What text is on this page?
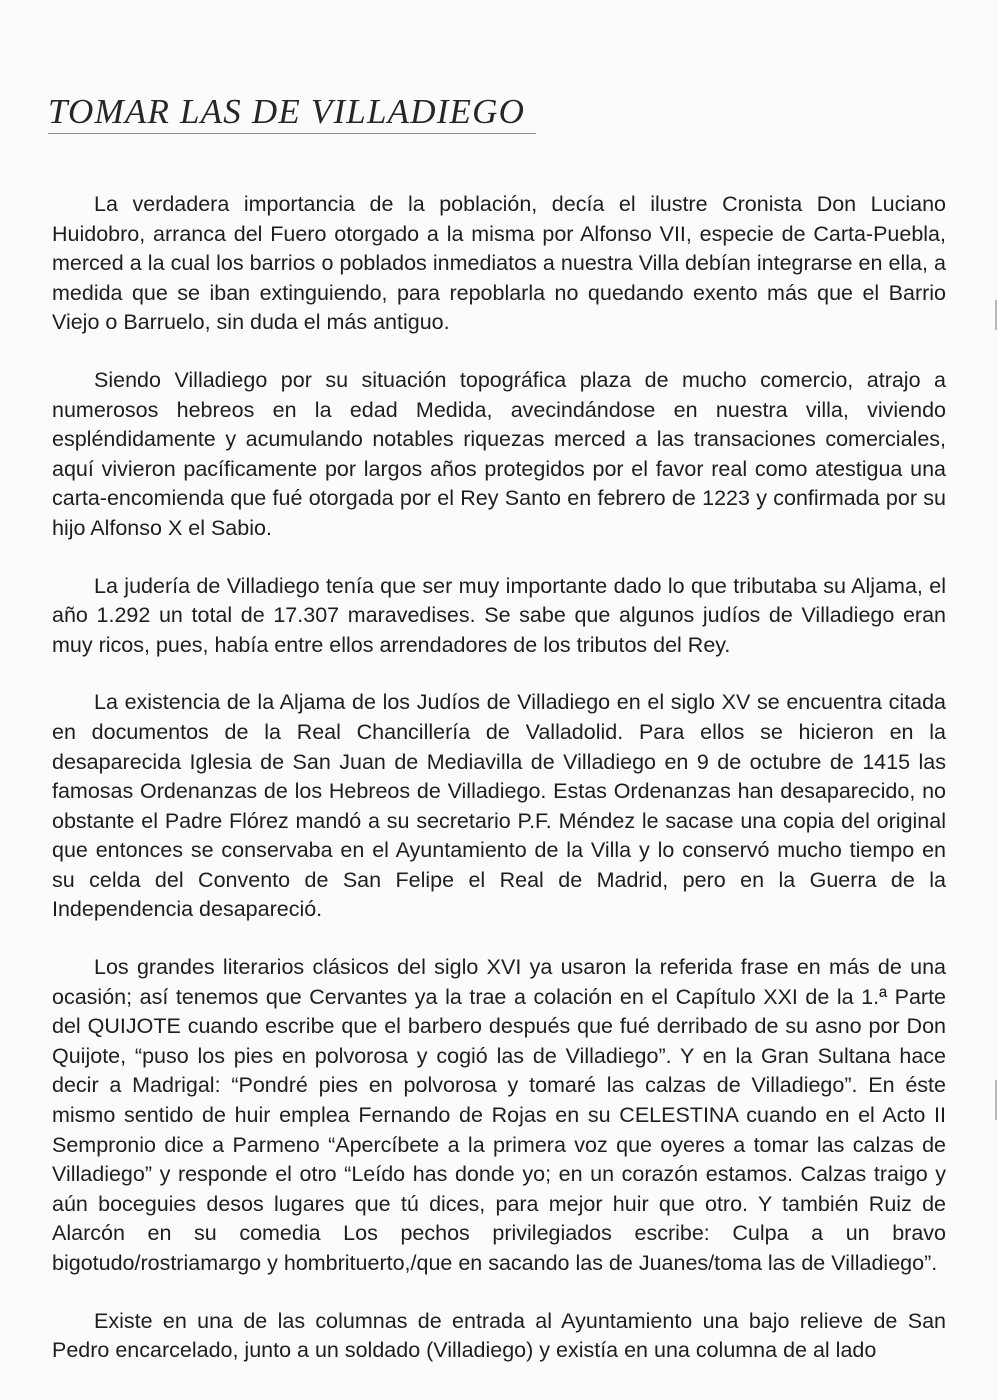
TOMAR LAS DE VILLADIEGO

La verdadera importancia de la población, decía el ilustre Cronista Don Luciano Huidobro, arranca del Fuero otorgado a la misma por Alfonso VII, especie de Carta-Puebla, merced a la cual los barrios o poblados inmediatos a nuestra Villa debían integrarse en ella, a medida que se iban extinguiendo, para repoblarla no quedando exento más que el Barrio Viejo o Barruelo, sin duda el más antiguo.

Siendo Villadiego por su situación topográfica plaza de mucho comercio, atrajo a numerosos hebreos en la edad Medida, avecindándose en nuestra villa, viviendo espléndidamente y acumulando notables riquezas merced a las transaciones comerciales, aquí vivieron pacíficamente por largos años protegidos por el favor real como atestigua una carta-encomienda que fué otorgada por el Rey Santo en febrero de 1223 y confirmada por su hijo Alfonso X el Sabio.

La judería de Villadiego tenía que ser muy importante dado lo que tributaba su Aljama, el año 1.292 un total de 17.307 maravedises. Se sabe que algunos judíos de Villadiego eran muy ricos, pues, había entre ellos arrendadores de los tributos del Rey.

La existencia de la Aljama de los Judíos de Villadiego en el siglo XV se encuentra citada en documentos de la Real Chancillería de Valladolid. Para ellos se hicieron en la desaparecida Iglesia de San Juan de Mediavilla de Villadiego en 9 de octubre de 1415 las famosas Ordenanzas de los Hebreos de Villadiego. Estas Ordenanzas han desaparecido, no obstante el Padre Flórez mandó a su secretario P.F. Méndez le sacase una copia del original que entonces se conservaba en el Ayuntamiento de la Villa y lo conservó mucho tiempo en su celda del Convento de San Felipe el Real de Madrid, pero en la Guerra de la Independencia desapareció.

Los grandes literarios clásicos del siglo XVI ya usaron la referida frase en más de una ocasión; así tenemos que Cervantes ya la trae a colación en el Capítulo XXI de la 1.ª Parte del QUIJOTE cuando escribe que el barbero después que fué derribado de su asno por Don Quijote, “puso los pies en polvorosa y cogió las de Villadiego”. Y en la Gran Sultana hace decir a Madrigal: “Pondré pies en polvorosa y tomaré las calzas de Villadiego”. En éste mismo sentido de huir emplea Fernando de Rojas en su CELESTINA cuando en el Acto II Sempronio dice a Parmeno “Apercíbete a la primera voz que oyeres a tomar las calzas de Villadiego” y responde el otro “Leído has donde yo; en un corazón estamos. Calzas traigo y aún boceguies desos lugares que tú dices, para mejor huir que otro. Y también Ruiz de Alarcón en su comedia Los pechos privilegiados escribe: Culpa a un bravo bigotudo/rostriamargo y hombrituerto,/que en sacando las de Juanes/toma las de Villadiego”.

Existe en una de las columnas de entrada al Ayuntamiento una bajo relieve de San Pedro encarcelado, junto a un soldado (Villadiego) y existía en una columna de al lado
